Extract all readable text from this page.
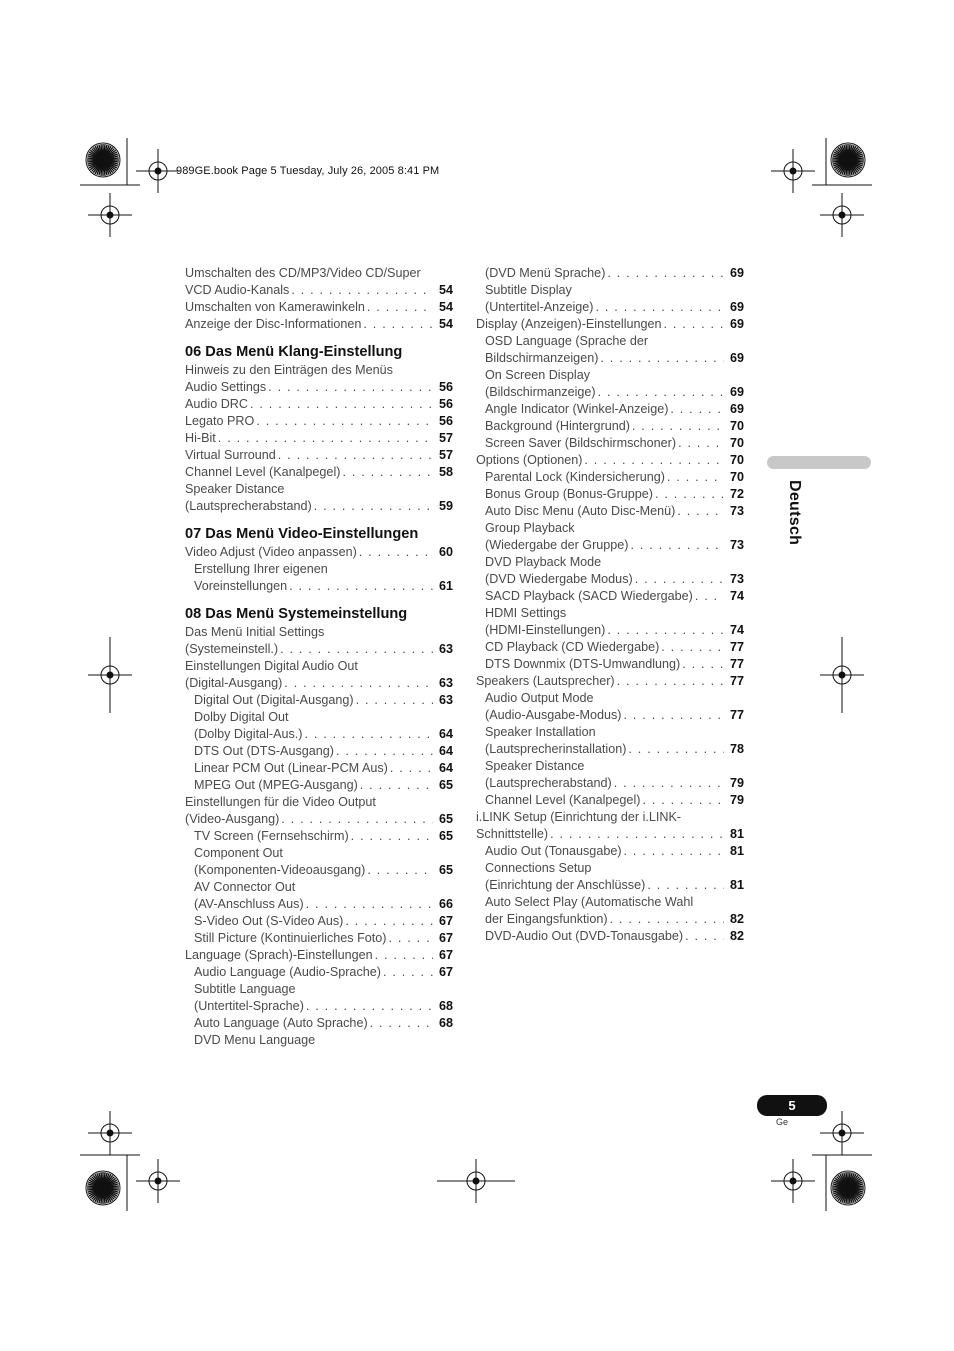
989GE.book Page 5 Tuesday, July 26, 2005 8:41 PM
Umschalten des CD/MP3/Video CD/Super
VCD Audio-Kanals . . .	54
Umschalten von Kamerawinkeln . . .	54
Anzeige der Disc-Informationen . . .	54
06 Das Menü Klang-Einstellung
Hinweis zu den Einträgen des Menüs
Audio Settings . . .	56
Audio DRC . . .	56
Legato PRO . . .	56
Hi-Bit . . .	57
Virtual Surround . . .	57
Channel Level (Kanalpegel) . . .	58
Speaker Distance
(Lautsprecherabstand) . . .	59
07 Das Menü Video-Einstellungen
Video Adjust (Video anpassen) . . .	60
Erstellung Ihrer eigenen
Voreinstellungen . . .	61
08 Das Menü Systemeinstellung
Das Menü Initial Settings
(Systemeinstell.) . . .	63
Einstellungen Digital Audio Out
(Digital-Ausgang) . . .	63
Digital Out (Digital-Ausgang) . . .	63
Dolby Digital Out
(Dolby Digital-Aus.) . . .	64
DTS Out (DTS-Ausgang) . . .	64
Linear PCM Out (Linear-PCM Aus) . . .	64
MPEG Out (MPEG-Ausgang) . . .	65
Einstellungen für die Video Output
(Video-Ausgang) . . .	65
TV Screen (Fernsehschirm) . . .	65
Component Out
(Komponenten-Videoausgang) . . .	65
AV Connector Out
(AV-Anschluss Aus) . . .	66
S-Video Out (S-Video Aus) . . .	67
Still Picture (Kontinuierliches Foto) . . .	67
Language (Sprach)-Einstellungen . . .	67
Audio Language (Audio-Sprache) . . .	67
Subtitle Language
(Untertitel-Sprache) . . .	68
Auto Language (Auto Sprache) . . .	68
DVD Menu Language
(DVD Menü Sprache) . . .	69
Subtitle Display
(Untertitel-Anzeige) . . .	69
Display (Anzeigen)-Einstellungen . . .	69
OSD Language (Sprache der
Bildschirmanzeigen) . . .	69
On Screen Display
(Bildschirmanzeige) . . .	69
Angle Indicator (Winkel-Anzeige) . . .	69
Background (Hintergrund) . . .	70
Screen Saver (Bildschirmschoner) . . .	70
Options (Optionen) . . .	70
Parental Lock (Kindersicherung) . . .	70
Bonus Group (Bonus-Gruppe) . . .	72
Auto Disc Menu (Auto Disc-Menü) . . .	73
Group Playback
(Wiedergabe der Gruppe) . . .	73
DVD Playback Mode
(DVD Wiedergabe Modus) . . .	73
SACD Playback (SACD Wiedergabe) . . .	74
HDMI Settings
(HDMI-Einstellungen) . . .	74
CD Playback (CD Wiedergabe) . . .	77
DTS Downmix (DTS-Umwandlung) . . .	77
Speakers (Lautsprecher) . . .	77
Audio Output Mode
(Audio-Ausgabe-Modus) . . .	77
Speaker Installation
(Lautsprecherinstallation) . . .	78
Speaker Distance
(Lautsprecherabstand) . . .	79
Channel Level (Kanalpegel) . . .	79
i.LINK Setup (Einrichtung der i.LINK-
Schnittstelle) . . .	81
Audio Out (Tonausgabe) . . .	81
Connections Setup
(Einrichtung der Anschlüsse) . . .	81
Auto Select Play (Automatische Wahl
der Eingangsfunktion) . . .	82
DVD-Audio Out (DVD-Tonausgabe) . . .	82
Deutsch
5
Ge
